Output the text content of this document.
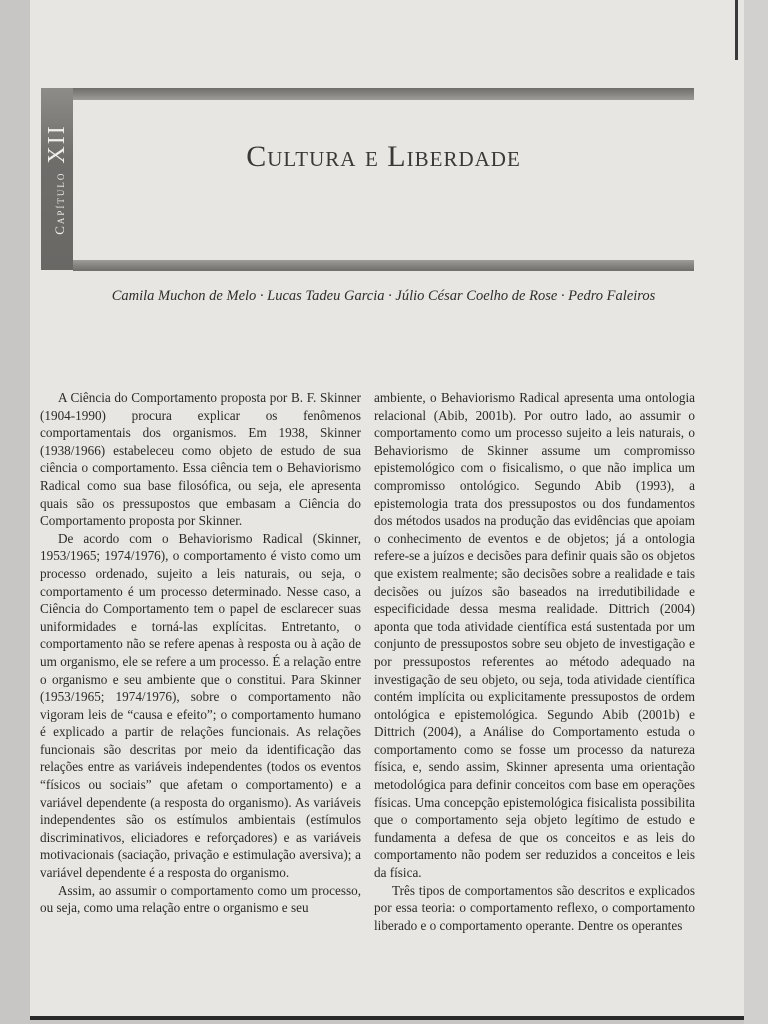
Capítulo
XII	Cultura e Liberdade
Camila Muchon de Melo · Lucas Tadeu Garcia · Júlio César Coelho de Rose · Pedro Faleiros

A Ciência do Comportamento proposta por B. F. Skinner (1904-1990) procura explicar os fenômenos comportamentais dos organismos. Em 1938, Skinner (1938/1966) estabeleceu como objeto de estudo de sua ciência o comportamento. Essa ciência tem o Behaviorismo Radical como sua base filosófica, ou seja, ele apresenta quais são os pressupostos que embasam a Ciência do Comportamento proposta por Skinner.

De acordo com o Behaviorismo Radical (Skinner, 1953/1965; 1974/1976), o comportamento é visto como um processo ordenado, sujeito a leis naturais, ou seja, o comportamento é um processo determinado. Nesse caso, a Ciência do Comportamento tem o papel de esclarecer suas uniformidades e torná-las explícitas. Entretanto, o comportamento não se refere apenas à resposta ou à ação de um organismo, ele se refere a um processo. É a relação entre o organismo e seu ambiente que o constitui. Para Skinner (1953/1965; 1974/1976), sobre o comportamento não vigoram leis de “causa e efeito”; o comportamento humano é explicado a partir de relações funcionais. As relações funcionais são descritas por meio da identificação das relações entre as variáveis independentes (todos os eventos “físicos ou sociais” que afetam o comportamento) e a variável dependente (a resposta do organismo). As variáveis independentes são os estímulos ambientais (estímulos discriminativos, eliciadores e reforçadores) e as variáveis motivacionais (saciação, privação e estimulação aversiva); a variável dependente é a resposta do organismo.

Assim, ao assumir o comportamento como um processo, ou seja, como uma relação entre o organismo e seu

ambiente, o Behaviorismo Radical apresenta uma ontologia relacional (Abib, 2001b). Por outro lado, ao assumir o comportamento como um processo sujeito a leis naturais, o Behaviorismo de Skinner assume um compromisso epistemológico com o fisicalismo, o que não implica um compromisso ontológico. Segundo Abib (1993), a epistemologia trata dos pressupostos ou dos fundamentos dos métodos usados na produção das evidências que apoiam o conhecimento de eventos e de objetos; já a ontologia refere-se a juízos e decisões para definir quais são os objetos que existem realmente; são decisões sobre a realidade e tais decisões ou juízos são baseados na irredutibilidade e especificidade dessa mesma realidade. Dittrich (2004) aponta que toda atividade científica está sustentada por um conjunto de pressupostos sobre seu objeto de investigação e por pressupostos referentes ao método adequado na investigação de seu objeto, ou seja, toda atividade científica contém implícita ou explicitamente pressupostos de ordem ontológica e epistemológica. Segundo Abib (2001b) e Dittrich (2004), a Análise do Comportamento estuda o comportamento como se fosse um processo da natureza física, e, sendo assim, Skinner apresenta uma orientação metodológica para definir conceitos com base em operações físicas. Uma concepção epistemológica fisicalista possibilita que o comportamento seja objeto legítimo de estudo e fundamenta a defesa de que os conceitos e as leis do comportamento não podem ser reduzidos a conceitos e leis da física.

Três tipos de comportamentos são descritos e explicados por essa teoria: o comportamento reflexo, o comportamento liberado e o comportamento operante. Dentre os operantes
